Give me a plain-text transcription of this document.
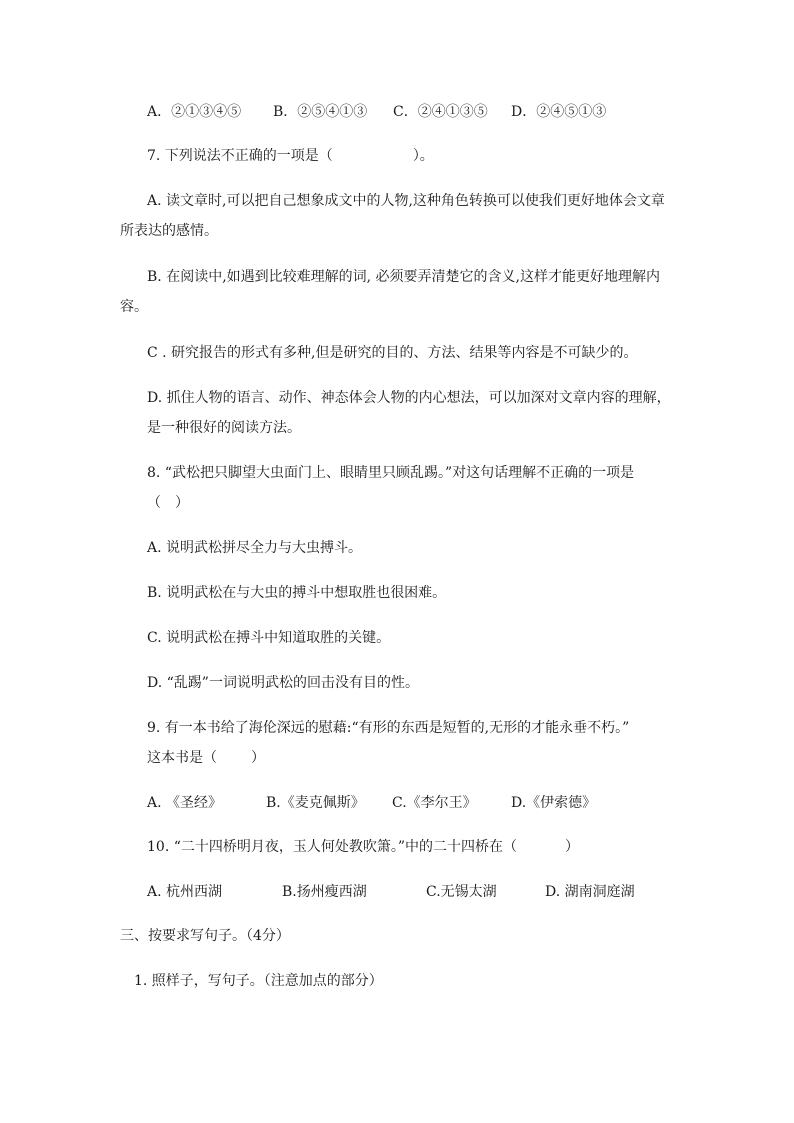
A．②①③④⑤ B．②⑤④①③ C．②④①③⑤ D．②④⑤①③
7. 下列说法不正确的一项是（	）。
A. 读文章时,可以把自己想象成文中的人物,这种角色转换可以使我们更好地体会文章
所表达的感情。
B. 在阅读中,如遇到比较难理解的词, 必须要弄清楚它的含义,这样才能更好地理解内
容。
C . 研究报告的形式有多种,但是研究的目的、方法、结果等内容是不可缺少的。
D. 抓住人物的语言、动作、神态体会人物的内心想法，可以加深对文章内容的理解，
是一种很好的阅读方法。
8. “武松把只脚望大虫面门上、眼睛里只顾乱踢。”对这句话理解不正确的一项是
（ ）
A. 说明武松拼尽全力与大虫搏斗。
B. 说明武松在与大虫的搏斗中想取胜也很困难。
C. 说明武松在搏斗中知道取胜的关键。
D. “乱踢”一词说明武松的回击没有目的性。
9. 有一本书给了海伦深远的慰藉:“有形的东西是短暂的,无形的才能永垂不朽。”
这本书是（ ）
A. 《圣经》	B.《麦克佩斯》 C.《李尔王》 D.《伊索德》
10. “二十四桥明月夜，玉人何处教吹箫。”中的二十四桥在（	）
A. 杭州西湖	B.扬州瘦西湖	C.无锡太湖	D. 湖南洞庭湖
三、按要求写句子。（4分）
1. 照样子，写句子。（注意加点的部分）
